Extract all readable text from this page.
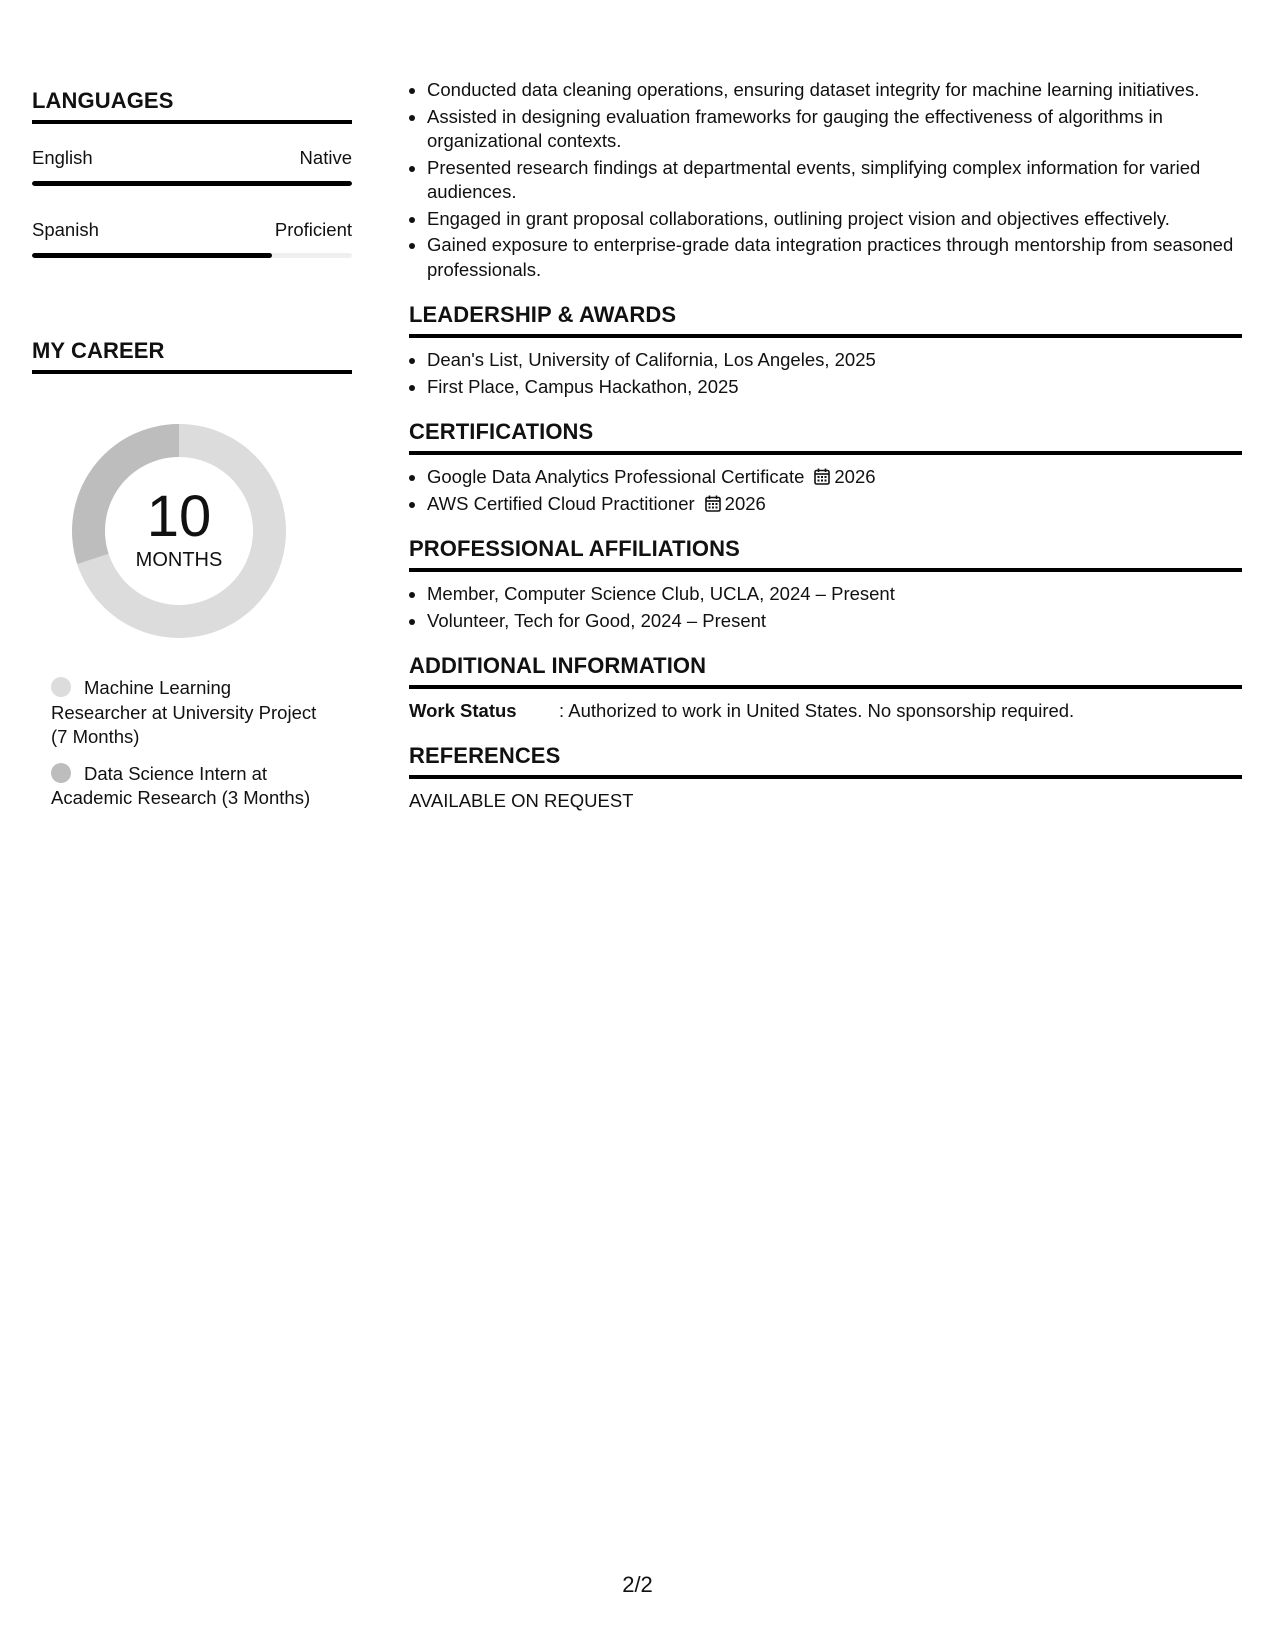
LANGUAGES
English	Native
Spanish	Proficient
MY CAREER
10
MONTHS
Machine Learning Researcher at University Project (7 Months)
Data Science Intern at Academic Research (3 Months)
• Conducted data cleaning operations, ensuring dataset integrity for machine learning initiatives.
• Assisted in designing evaluation frameworks for gauging the effectiveness of algorithms in organizational contexts.
• Presented research findings at departmental events, simplifying complex information for varied audiences.
• Engaged in grant proposal collaborations, outlining project vision and objectives effectively.
• Gained exposure to enterprise-grade data integration practices through mentorship from seasoned professionals.
LEADERSHIP & AWARDS
• Dean's List, University of California, Los Angeles, 2025
• First Place, Campus Hackathon, 2025
CERTIFICATIONS
• Google Data Analytics Professional Certificate 2026
• AWS Certified Cloud Practitioner 2026
PROFESSIONAL AFFILIATIONS
• Member, Computer Science Club, UCLA, 2024 – Present
• Volunteer, Tech for Good, 2024 – Present
ADDITIONAL INFORMATION
Work Status	: Authorized to work in United States. No sponsorship required.
REFERENCES
AVAILABLE ON REQUEST
2/2
